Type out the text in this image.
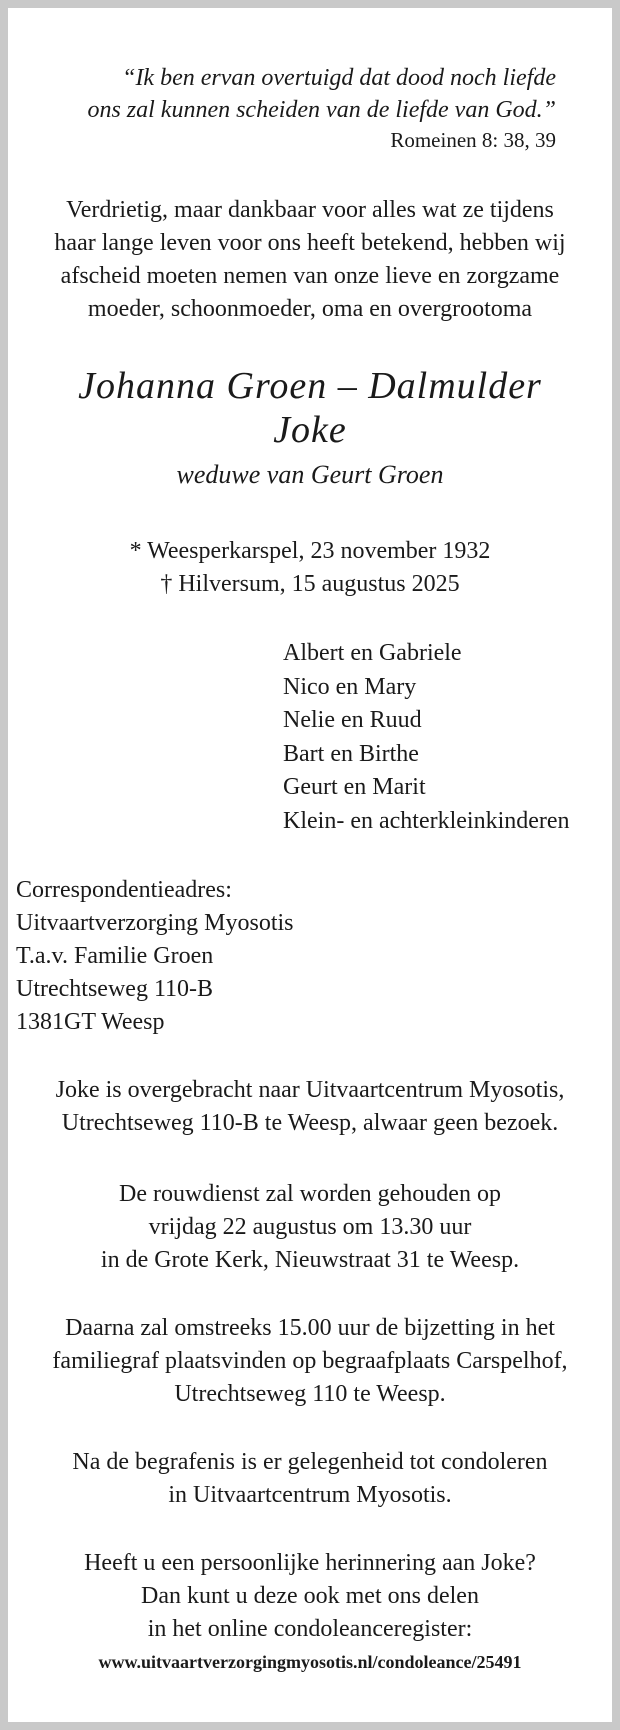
“Ik ben ervan overtuigd dat dood noch liefde
ons zal kunnen scheiden van de liefde van God.”
Romeinen 8: 38, 39
Verdrietig, maar dankbaar voor alles wat ze tijdens
haar lange leven voor ons heeft betekend, hebben wij
afscheid moeten nemen van onze lieve en zorgzame
moeder, schoonmoeder, oma en overgrootoma
Johanna Groen – Dalmulder
Joke
weduwe van Geurt Groen
* Weesperkarspel, 23 november 1932
† Hilversum, 15 augustus 2025
Albert en Gabriele
Nico en Mary
Nelie en Ruud
Bart en Birthe
Geurt en Marit
Klein- en achterkleinkinderen
Correspondentieadres:
Uitvaartverzorging Myosotis
T.a.v. Familie Groen
Utrechtseweg 110-B
1381GT Weesp
Joke is overgebracht naar Uitvaartcentrum Myosotis,
Utrechtseweg 110-B te Weesp, alwaar geen bezoek.
De rouwdienst zal worden gehouden op
vrijdag 22 augustus om 13.30 uur
in de Grote Kerk, Nieuwstraat 31 te Weesp.
Daarna zal omstreeks 15.00 uur de bijzetting in het
familiegraf plaatsvinden op begraafplaats Carspelhof,
Utrechtseweg 110 te Weesp.
Na de begrafenis is er gelegenheid tot condoleren
in Uitvaartcentrum Myosotis.
Heeft u een persoonlijke herinnering aan Joke?
Dan kunt u deze ook met ons delen
in het online condoleanceregister:
www.uitvaartverzorgingmyosotis.nl/condoleance/25491
